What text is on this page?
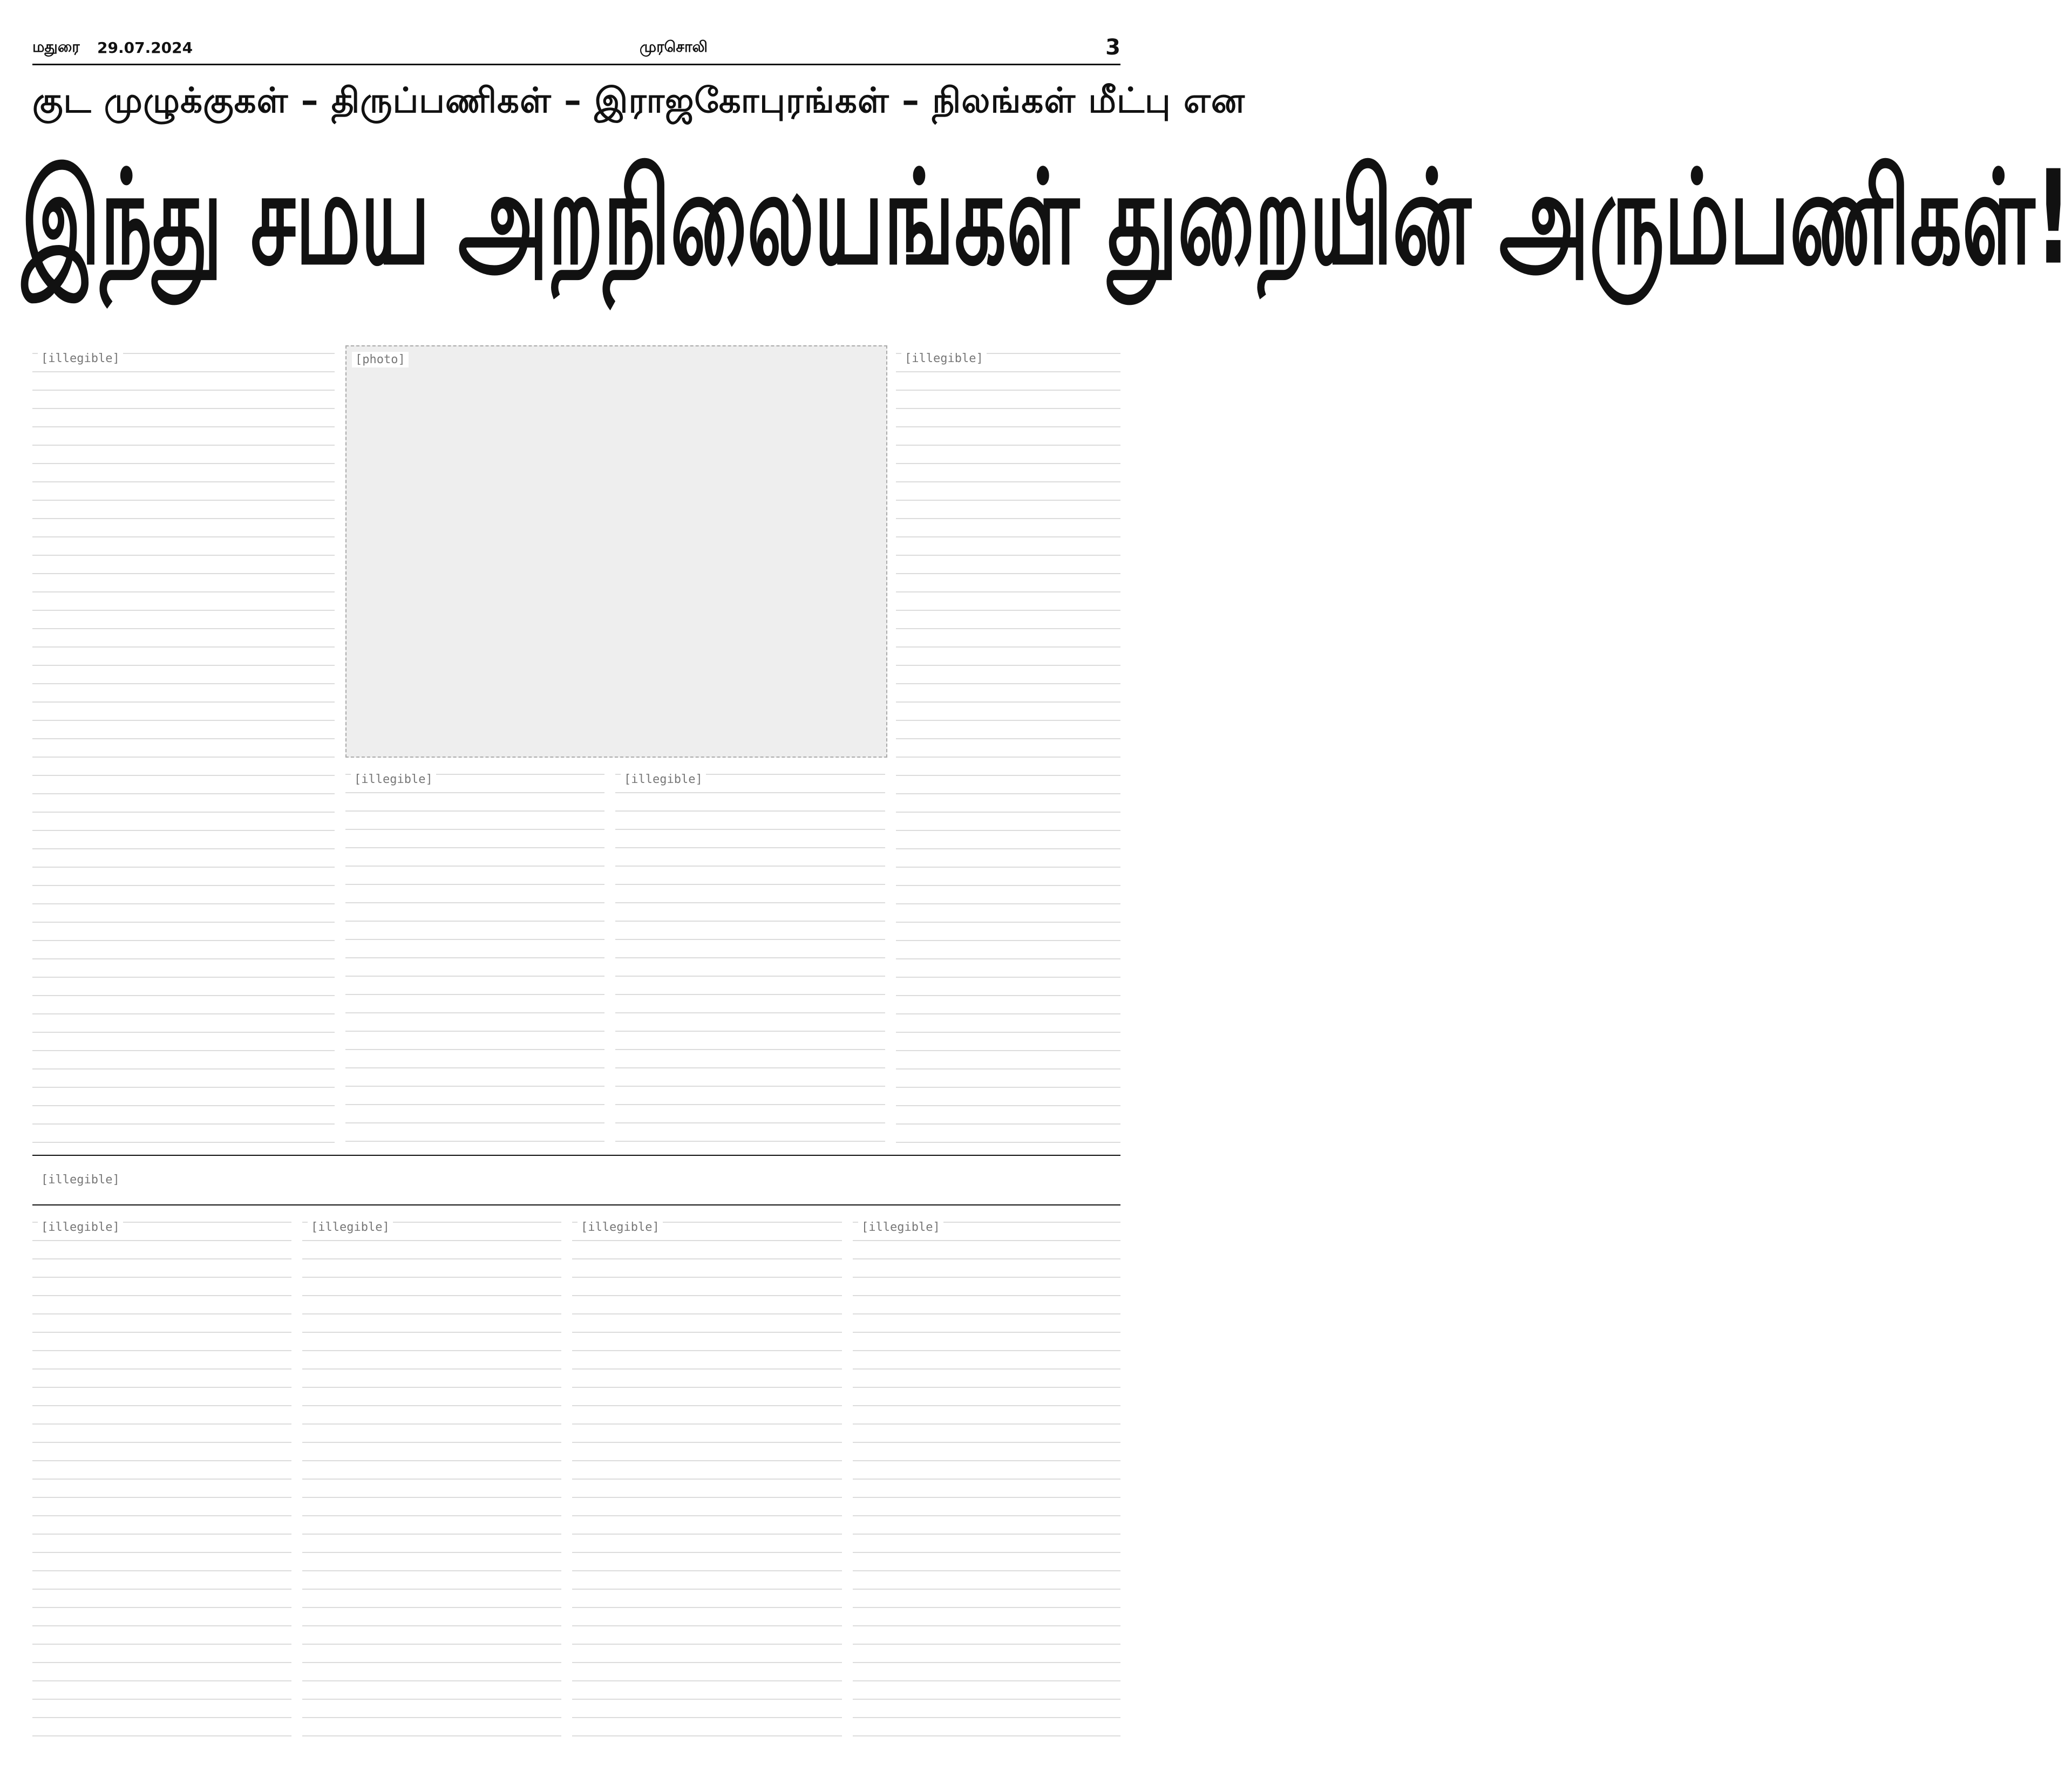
மதுரை	29.07.2024	முரசொலி	3
குட முழுக்குகள் – திருப்பணிகள் – இராஜகோபுரங்கள் – நிலங்கள் மீட்பு என
இந்து சமய அறநிலையங்கள் துறையின் அரும்பணிகள்!
[illegible]	[photo]
[illegible]	[illegible]
[illegible]
[illegible]
[illegible]	[illegible]	[illegible]	[illegible]
